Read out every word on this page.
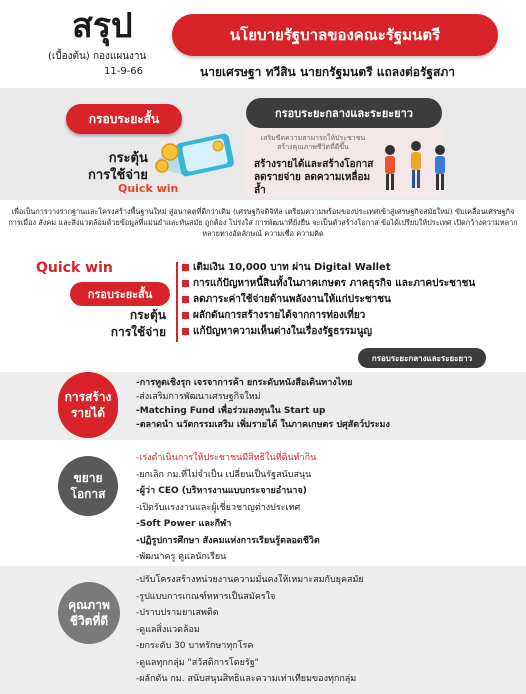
สรุป
(เบื้องต้น) กองแผนงาน
11-9-66
นโยบายรัฐบาลของคณะรัฐมนตรี
นายเศรษฐา ทวีสิน นายกรัฐมนตรี แถลงต่อรัฐสภา
กรอบระยะสั้น
กระตุ้น
การใช้จ่าย
Quick win
กรอบระยะกลางและระยะยาว
เสริมขีดความสามารถให้ประชาชน
สร้างคุณภาพชีวิตที่ดีขึ้น
สร้างรายได้และสร้างโอกาส
ลดรายจ่าย ลดความเหลื่อมล้ำ
เพื่อเป็นการวางรากฐานและโครงสร้างพื้นฐานใหม่ สู่อนาคตที่ดีกว่าเดิม (เศรษฐกิจดิจิทัล เตรียมความพร้อมของประเทศเข้าสู่เศรษฐกิจสมัยใหม่) ขับเคลื่อนเศรษฐกิจ การเมือง สังคม และสิ่งแวดล้อมด้วยข้อมูลที่แม่นยำและทันสมัย ถูกต้อง โปร่งใส การพัฒนาที่ยั่งยืน จะเป็นตัวสร้างโอกาส ข้อได้เปรียบให้ประเทศ เปิดกว้างความหลากหลายทางอัตลักษณ์ ความเชื่อ ความคิด
Quick win
กรอบระยะสั้น
กระตุ้น
การใช้จ่าย
เติมเงิน 10,000 บาท ผ่าน Digital Wallet
การแก้ปัญหาหนี้สินทั้งในภาคเกษตร ภาคธุรกิจ และภาคประชาชน
ลดภาระค่าใช้จ่ายด้านพลังงานให้แก่ประชาชน
ผลักดันการสร้างรายได้จากการท่องเที่ยว
แก้ปัญหาความเห็นต่างในเรื่องรัฐธรรมนูญ
กรอบระยะกลางและระยะยาว
การสร้าง
รายได้
-การทูตเชิงรุก เจรจาการค้า ยกระดับหนังสือเดินทางไทย
-ส่งเสริมการพัฒนาเศรษฐกิจใหม่
-Matching Fund เพื่อร่วมลงทุนใน Start up
-ตลาดนำ นวัตกรรมเสริม เพิ่มรายได้ ในภาคเกษตร ปศุสัตว์ประมง
ขยาย
โอกาส
-เร่งดำเนินการให้ประชาชนมีสิทธิในที่ดินทำกิน
-ยกเลิก กม.ที่ไม่จำเป็น เปลี่ยนเป็นรัฐสนับสนุน
-ผู้ว่า CEO (บริหารงานแบบกระจายอำนาจ)
-เปิดรับแรงงานและผู้เชี่ยวชาญต่างประเทศ
-Soft Power และกีฬา
-ปฏิรูปการศึกษา สังคมแห่งการเรียนรู้ตลอดชีวิต
-พัฒนาครู ดูแลนักเรียน
คุณภาพ
ชีวิตที่ดี
-ปรับโครงสร้างหน่วยงานความมั่นคงให้เหมาะสมกับยุคสมัย
-รูปแบบการเกณฑ์ทหารเป็นสมัครใจ
-ปราบปรามยาเสพติด
-ดูแลสิ่งแวดล้อม
-ยกระดับ 30 บาทรักษาทุกโรค
-ดูแลทุกกลุ่ม "สวัสดิการโดยรัฐ"
-ผลักดัน กม. สนับสนุนสิทธิและความเท่าเทียมของทุกกลุ่ม
